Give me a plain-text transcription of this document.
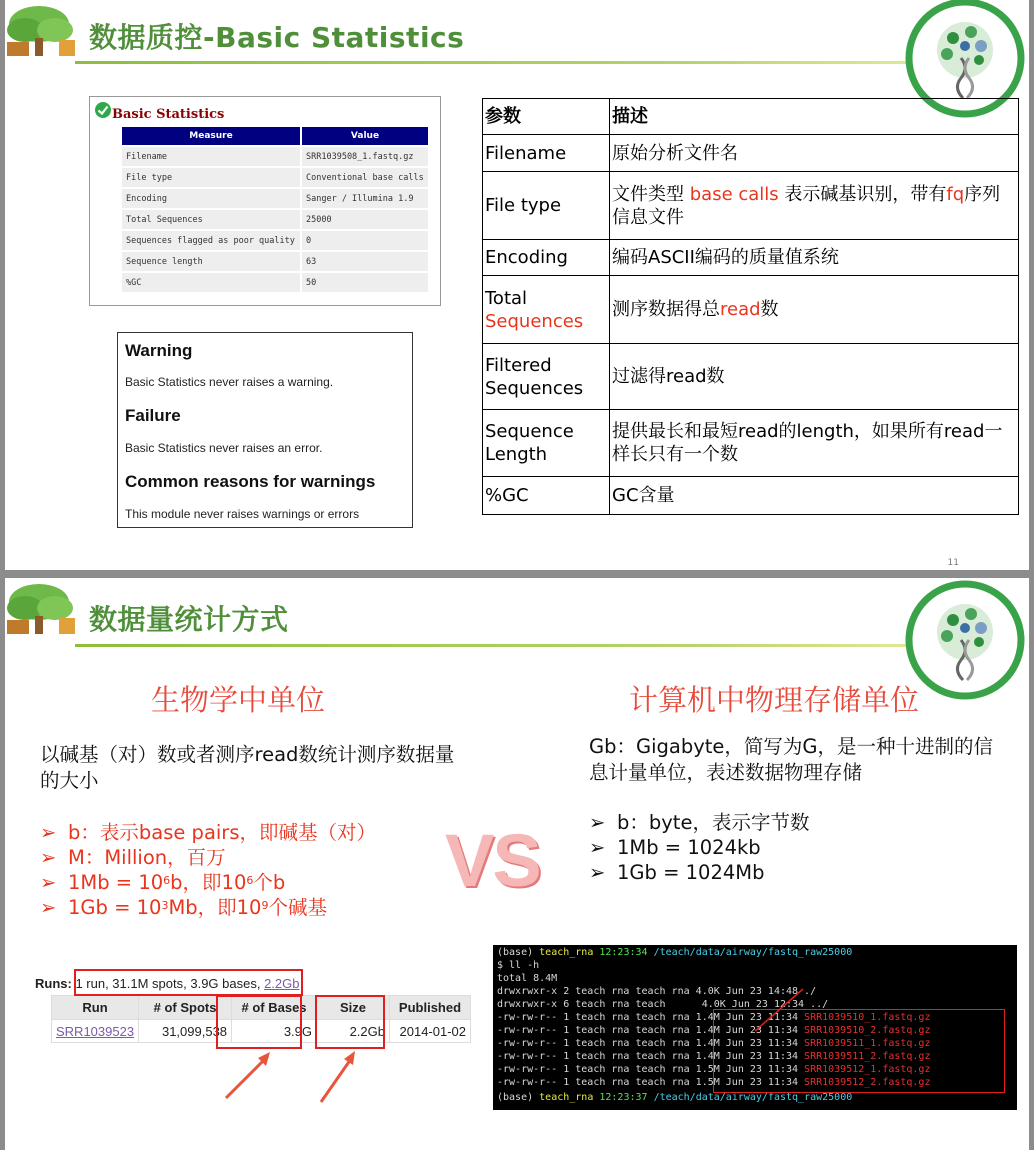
数据质控-Basic Statistics
Basic Statistics
Measure	Value
Filename	SRR1039508_1.fastq.gz
File type	Conventional base calls
Encoding	Sanger / Illumina 1.9
Total Sequences	25000
Sequences flagged as poor quality	0
Sequence length	63
%GC	50
Warning
Basic Statistics never raises a warning.
Failure
Basic Statistics never raises an error.
Common reasons for warnings
This module never raises warnings or errors
参数	描述
Filename	原始分析文件名
File type	文件类型 base calls 表示碱基识别，带有fq序列信息文件
Encoding	编码ASCII编码的质量值系统
Total
Sequences	测序数据得总read数
Filtered Sequences	过滤得read数
Sequence Length	提供最长和最短read的length，如果所有read一样长只有一个数
%GC	GC含量
11
数据量统计方式
生物学中单位	计算机中物理存储单位
以碱基（对）数或者测序read数统计测序数据量的大小
Gb：Gigabyte，简写为G，是一种十进制的信息计量单位，表述数据物理存储
➢ b：表示base pairs，即碱基（对）
➢ M：Million，百万
➢ $1Mb = 10^6b$，即$10^6$个b
➢ $1Gb = 10^3Mb$，即$10^9$个碱基
VS	➢ b：byte，表示字节数
➢ 1Mb = 1024kb
➢ 1Gb = 1024Mb
Runs: 1 run, 31.1M spots, 3.9G bases, 2.2Gb
Run	# of Spots	# of Bases	Size	Published
SRR1039523	31,099,538	3.9G	2.2Gb	2014-01-02
(base) teach_rna 12:23:34 /teach/data/airway/fastq_raw25000
$ ll -h
total 8.4M
drwxrwxr-x 2 teach rna teach rna 4.0K Jun 23 14:48 ./
drwxrwxr-x 6 teach rna teach      4.0K Jun 23 12:34 ../
-rw-rw-r-- 1 teach rna teach rna 1.4M Jun 23 11:34 SRR1039510_1.fastq.gz
-rw-rw-r-- 1 teach rna teach rna 1.4M Jun 23 11:34 SRR1039510_2.fastq.gz
-rw-rw-r-- 1 teach rna teach rna 1.4M Jun 23 11:34 SRR1039511_1.fastq.gz
-rw-rw-r-- 1 teach rna teach rna 1.4M Jun 23 11:34 SRR1039511_2.fastq.gz
-rw-rw-r-- 1 teach rna teach rna 1.5M Jun 23 11:34 SRR1039512_1.fastq.gz
-rw-rw-r-- 1 teach rna teach rna 1.5M Jun 23 11:34 SRR1039512_2.fastq.gz
(base) teach_rna 12:23:37 /teach/data/airway/fastq_raw25000
